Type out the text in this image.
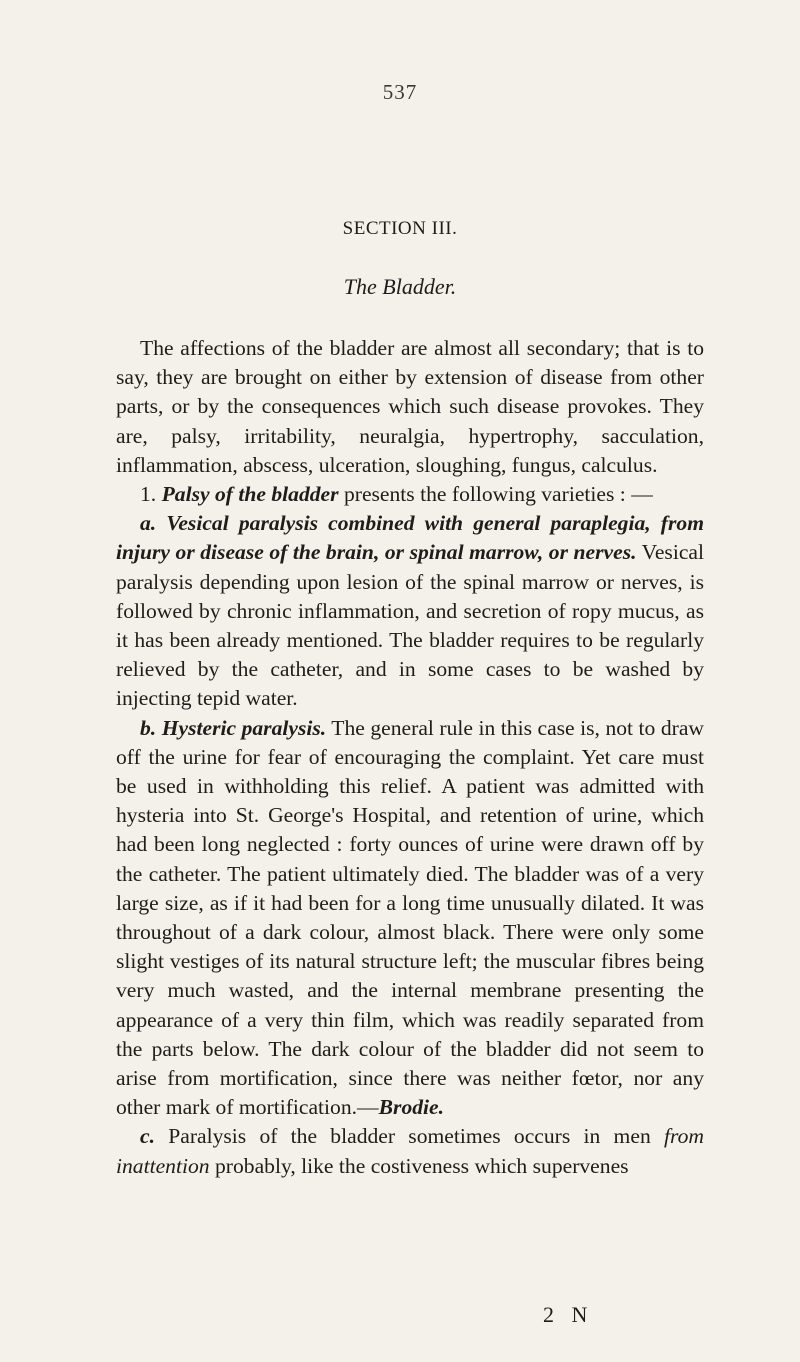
537
SECTION III.
The Bladder.

The affections of the bladder are almost all secondary; that is to say, they are brought on either by extension of disease from other parts, or by the consequences which such disease provokes. They are, palsy, irritability, neuralgia, hypertrophy, sacculation, inflammation, abscess, ulceration, sloughing, fungus, calculus.

1. Palsy of the bladder presents the following varieties : —

a. Vesical paralysis combined with general paraplegia, from injury or disease of the brain, or spinal marrow, or nerves. Vesical paralysis depending upon lesion of the spinal marrow or nerves, is followed by chronic inflammation, and secretion of ropy mucus, as it has been already mentioned. The bladder requires to be regularly relieved by the catheter, and in some cases to be washed by injecting tepid water.

b. Hysteric paralysis. The general rule in this case is, not to draw off the urine for fear of encouraging the complaint. Yet care must be used in withholding this relief. A patient was admitted with hysteria into St. George's Hospital, and retention of urine, which had been long neglected : forty ounces of urine were drawn off by the catheter. The patient ultimately died. The bladder was of a very large size, as if it had been for a long time unusually dilated. It was throughout of a dark colour, almost black. There were only some slight vestiges of its natural structure left; the muscular fibres being very much wasted, and the internal membrane presenting the appearance of a very thin film, which was readily separated from the parts below. The dark colour of the bladder did not seem to arise from mortification, since there was neither fœtor, nor any other mark of mortification.—Brodie.

c. Paralysis of the bladder sometimes occurs in men from inattention probably, like the costiveness which supervenes

2 N
